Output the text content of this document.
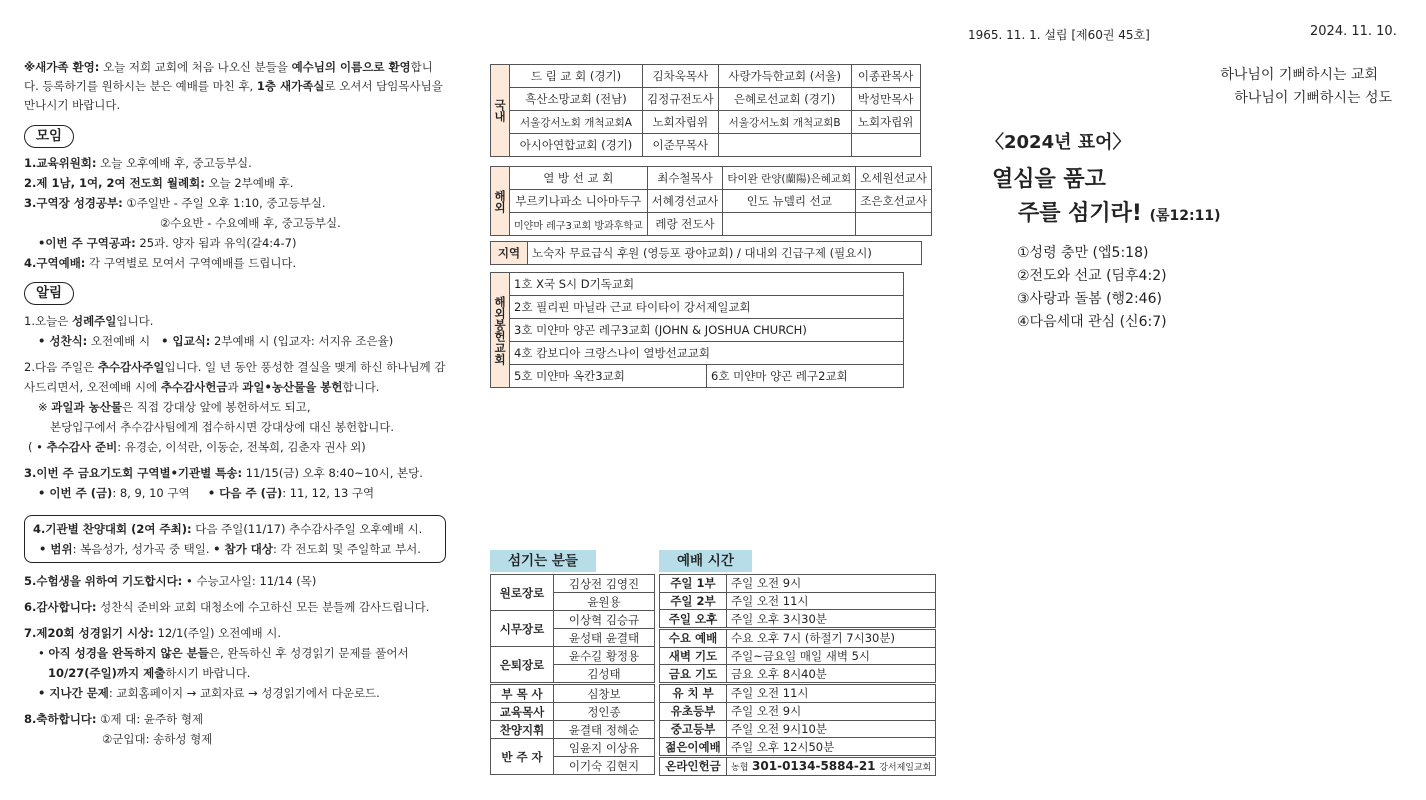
1965. 11. 1. 설립 [제60권 45호]	2024. 11. 10.
하나님이 기뻐하시는 교회
하나님이 기뻐하시는 성도
※새가족 환영: 오늘 저희 교회에 처음 나오신 분들을 예수님의 이름으로 환영합니다. 등록하기를 원하시는 분은 예배를 마친 후, 1층 새가족실로 오셔서 담임목사님을 만나시기 바랍니다.
모임
1.교육위원회: 오늘 오후예배 후, 중고등부실.
2.제 1남, 1여, 2여 전도회 월례회: 오늘 2부예배 후.
3.구역장 성경공부: ①주일반 - 주일 오후 1:10, 중고등부실.
②수요반 - 수요예배 후, 중고등부실.
•이번 주 구역공과: 25과. 양자 됨과 유익(갈4:4-7)
4.구역예배: 각 구역별로 모여서 구역예배를 드립니다.
알림
1.오늘은 성례주일입니다.
• 성찬식: 오전예배 시 • 입교식: 2부예배 시 (입교자: 서지유 조은율)
2.다음 주일은 추수감사주일입니다. 일 년 동안 풍성한 결실을 맺게 하신 하나님께 감사드리면서, 오전예배 시에 추수감사헌금과 과일•농산물을 봉헌합니다.
※ 과일과 농산물은 직접 강대상 앞에 봉헌하셔도 되고,
본당입구에서 추수감사팀에게 접수하시면 강대상에 대신 봉헌합니다.
( • 추수감사 준비: 유경순, 이석란, 이동순, 전복희, 김춘자 권사 외)
3.이번 주 금요기도회 구역별•기관별 특송: 11/15(금) 오후 8:40~10시, 본당.
• 이번 주 (금): 8, 9, 10 구역 • 다음 주 (금): 11, 12, 13 구역
4.기관별 찬양대회 (2여 주최): 다음 주일(11/17) 추수감사주일 오후예배 시.
• 범위: 복음성가, 성가곡 중 택일. • 참가 대상: 각 전도회 및 주일학교 부서.
5.수험생을 위하여 기도합시다: • 수능고사일: 11/14 (목)
6.감사합니다: 성찬식 준비와 교회 대청소에 수고하신 모든 분들께 감사드립니다.
7.제20회 성경읽기 시상: 12/1(주일) 오전예배 시.
• 아직 성경을 완독하지 않은 분들은, 완독하신 후 성경읽기 문제를 풀어서
10/27(주일)까지 제출하시기 바랍니다.
• 지나간 문제: 교회홈페이지 → 교회자료 → 성경읽기에서 다운로드.
8.축하합니다: ①제 대: 윤주하 형제
②군입대: 송하성 형제
국내	드 림 교 회 (경기)	김차욱목사	사랑가득한교회 (서울)	이종관목사
	흑산소망교회 (전남)	김정규전도사	은혜로선교회 (경기)	박성만목사
	서울강서노회 개척교회A	노회자립위	서울강서노회 개척교회B	노회자립위
	아시아연합교회 (경기)	이준무목사		
해외	열 방 선 교 회	최수철목사	타이완 란양(蘭陽)은혜교회	오세원선교사
	부르키나파소 니아마두구	서혜경선교사	인도 뉴델리 선교	조은호선교사
	미얀마 레구3교회 방과후학교	레랑 전도사		
지역	노숙자 무료급식 후원 (영등포 광야교회) / 대내외 긴급구제 (필요시)
해외봉헌교회	1호 X국 S시 D기독교회	
	2호 필리핀 마닐라 근교 타이타이 강서제일교회	
	3호 미얀마 양곤 레구3교회 (JOHN & JOSHUA CHURCH)	
	4호 캄보디아 크랑스나이 열방선교교회	
	5호 미얀마 옥칸3교회	6호 미얀마 양곤 레구2교회
섬기는 분들
원로장로	김상전 김영진
	윤원용
시무장로	이상혁 김승규
	윤성태 윤결태
은퇴장로	윤수길 황정용
	김성태
부 목 사	심창보
교육목사	정인종
찬양지휘	윤결태 정해순
반 주 자	임윤지 이상유
	이기숙 김현지
예배 시간
주일 1부	주일 오전 9시
주일 2부	주일 오전 11시
주일 오후	주일 오후 3시30분
수요 예배	수요 오후 7시 (하절기 7시30분)
새벽 기도	주일~금요일 매일 새벽 5시
금요 기도	금요 오후 8시40분
유 치 부	주일 오전 11시
유초등부	주일 오전 9시
중고등부	주일 오전 9시10분
젊은이예배	주일 오후 12시50분
온라인헌금	농협 301-0134-5884-21 강서제일교회
〈2024년 표어〉
열심을 품고
주를 섬기라! (롬12:11)
①성령 충만 (엡5:18)
②전도와 선교 (딤후4:2)
③사랑과 돌봄 (행2:46)
④다음세대 관심 (신6:7)
